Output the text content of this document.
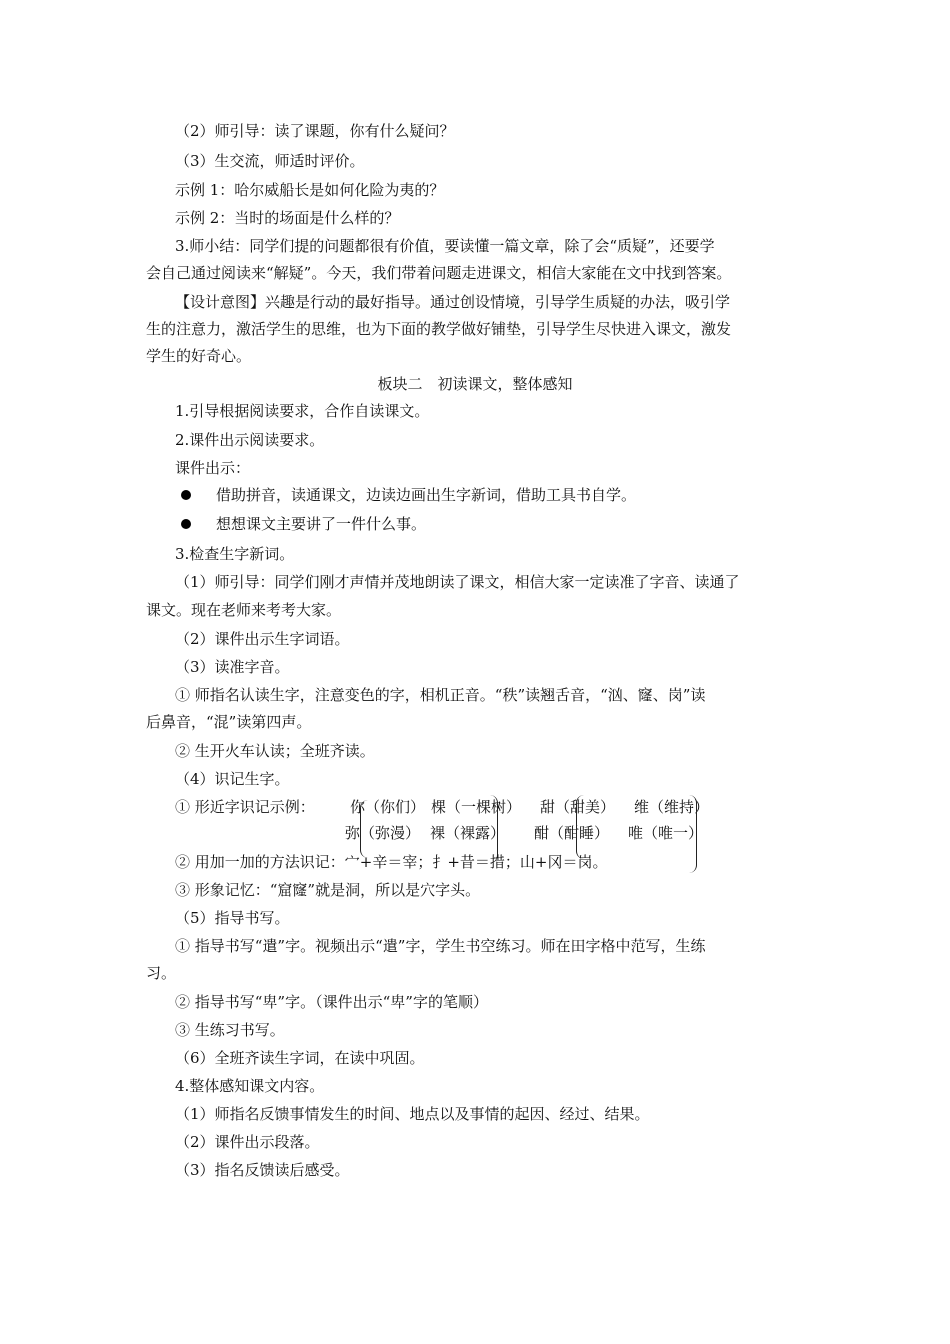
（2）师引导：读了课题，你有什么疑问？
（3）生交流，师适时评价。
示例 1：哈尔威船长是如何化险为夷的？
示例 2：当时的场面是什么样的？
3.师小结：同学们提的问题都很有价值，要读懂一篇文章，除了会“质疑”，还要学
会自己通过阅读来“解疑”。今天，我们带着问题走进课文，相信大家能在文中找到答案。
【设计意图】兴趣是行动的最好指导。通过创设情境，引导学生质疑的办法，吸引学
生的注意力，激活学生的思维，也为下面的教学做好铺垫，引导学生尽快进入课文，激发
学生的好奇心。
板块二　初读课文，整体感知
1.引导根据阅读要求，合作自读课文。
2.课件出示阅读要求。
课件出示：
借助拼音，读通课文，边读边画出生字新词，借助工具书自学。
想想课文主要讲了一件什么事。
3.检查生字新词。
（1）师引导：同学们刚才声情并茂地朗读了课文，相信大家一定读准了字音、读通了
课文。现在老师来考考大家。
（2）课件出示生字词语。
（3）读准字音。
① 师指名认读生字，注意变色的字，相机正音。“秩”读翘舌音，“汹、窿、岗”读
后鼻音，“混”读第四声。
② 生开火车认读；全班齐读。
（4）识记生字。
① 形近字识记示例： 你（你们）
弥（弥漫）
棵（一棵树）
裸（裸露）
甜（甜美）
酣（酣睡）
维（维持）
唯（唯一）
② 用加一加的方法识记：宀+辛＝宰；扌+昔＝措；山+冈＝岗。
③ 形象记忆：“窟窿”就是洞，所以是穴字头。
（5）指导书写。
① 指导书写“遣”字。视频出示“遣”字，学生书空练习。师在田字格中范写，生练
习。
② 指导书写“卑”字。（课件出示“卑”字的笔顺）
③ 生练习书写。
（6）全班齐读生字词，在读中巩固。
4.整体感知课文内容。
（1）师指名反馈事情发生的时间、地点以及事情的起因、经过、结果。
（2）课件出示段落。
（3）指名反馈读后感受。
